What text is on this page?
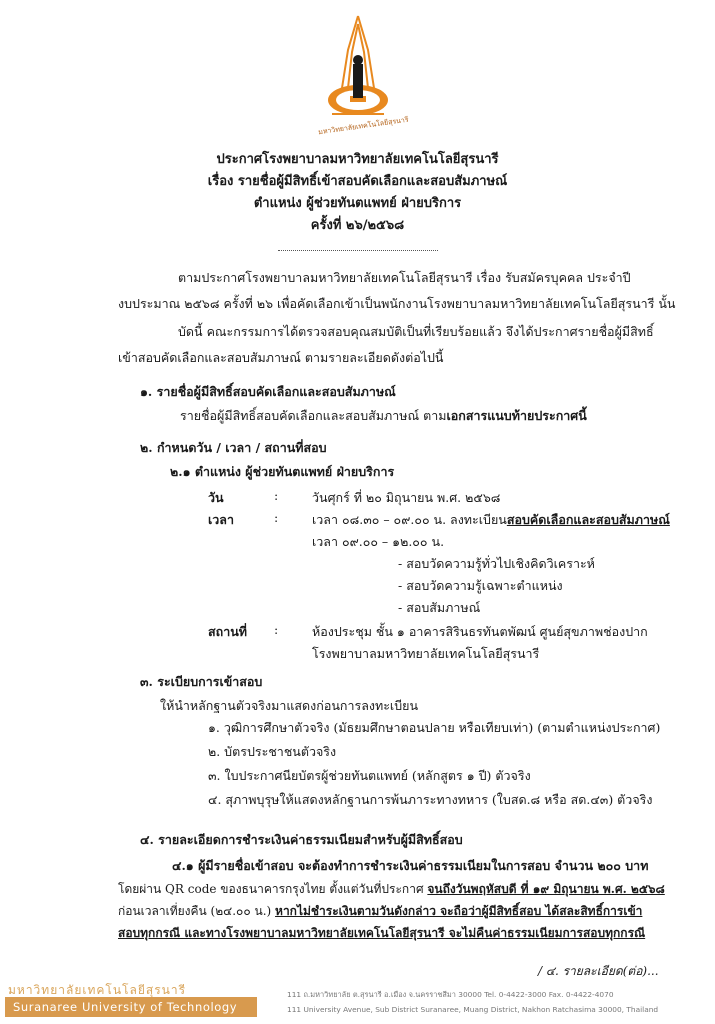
มหาวิทยาลัยเทคโนโลยีสุรนารี
ประกาศโรงพยาบาลมหาวิทยาลัยเทคโนโลยีสุรนารี
เรื่อง รายชื่อผู้มีสิทธิ์เข้าสอบคัดเลือกและสอบสัมภาษณ์
ตำแหน่ง ผู้ช่วยทันตแพทย์ ฝ่ายบริการ
ครั้งที่ ๒๖/๒๕๖๘
ตามประกาศโรงพยาบาลมหาวิทยาลัยเทคโนโลยีสุรนารี เรื่อง รับสมัครบุคคล ประจำปี
งบประมาณ ๒๕๖๘ ครั้งที่ ๒๖ เพื่อคัดเลือกเข้าเป็นพนักงานโรงพยาบาลมหาวิทยาลัยเทคโนโลยีสุรนารี นั้น
บัดนี้ คณะกรรมการได้ตรวจสอบคุณสมบัติเป็นที่เรียบร้อยแล้ว จึงได้ประกาศรายชื่อผู้มีสิทธิ์
เข้าสอบคัดเลือกและสอบสัมภาษณ์ ตามรายละเอียดดังต่อไปนี้
๑. รายชื่อผู้มีสิทธิ์สอบคัดเลือกและสอบสัมภาษณ์
รายชื่อผู้มีสิทธิ์สอบคัดเลือกและสอบสัมภาษณ์ ตามเอกสารแนบท้ายประกาศนี้
๒. กำหนดวัน / เวลา / สถานที่สอบ
๒.๑ ตำแหน่ง ผู้ช่วยทันตแพทย์ ฝ่ายบริการ
วัน	:	วันศุกร์ ที่ ๒๐ มิถุนายน พ.ศ. ๒๕๖๘
เวลา	:	เวลา ๐๘.๓๐ – ๐๙.๐๐ น. ลงทะเบียนสอบคัดเลือกและสอบสัมภาษณ์
เวลา ๐๙.๐๐ – ๑๒.๐๐ น.
- สอบวัดความรู้ทั่วไปเชิงคิดวิเคราะห์
- สอบวัดความรู้เฉพาะตำแหน่ง
- สอบสัมภาษณ์
สถานที่ :	ห้องประชุม ชั้น ๑ อาคารสิรินธรทันตพัฒน์ ศูนย์สุขภาพช่องปาก
โรงพยาบาลมหาวิทยาลัยเทคโนโลยีสุรนารี
๓. ระเบียบการเข้าสอบ
ให้นำหลักฐานตัวจริงมาแสดงก่อนการลงทะเบียน
๑. วุฒิการศึกษาตัวจริง (มัธยมศึกษาตอนปลาย หรือเทียบเท่า) (ตามตำแหน่งประกาศ)
๒. บัตรประชาชนตัวจริง
๓. ใบประกาศนียบัตรผู้ช่วยทันตแพทย์ (หลักสูตร ๑ ปี) ตัวจริง
๔. สุภาพบุรุษให้แสดงหลักฐานการพ้นภาระทางทหาร (ใบสด.๘ หรือ สด.๔๓) ตัวจริง
๔. รายละเอียดการชำระเงินค่าธรรมเนียมสำหรับผู้มีสิทธิ์สอบ
๔.๑ ผู้มีรายชื่อเข้าสอบ จะต้องทำการชำระเงินค่าธรรมเนียมในการสอบ จำนวน ๒๐๐ บาท
โดยผ่าน QR code ของธนาคารกรุงไทย ตั้งแต่วันที่ประกาศ จนถึงวันพฤหัสบดี ที่ ๑๙ มิถุนายน พ.ศ. ๒๕๖๘
ก่อนเวลาเที่ยงคืน (๒๔.๐๐ น.) หากไม่ชำระเงินตามวันดังกล่าว จะถือว่าผู้มีสิทธิ์สอบ ได้สละสิทธิ์การเข้า
สอบทุกกรณี และทางโรงพยาบาลมหาวิทยาลัยเทคโนโลยีสุรนารี จะไม่คืนค่าธรรมเนียมการสอบทุกกรณี
/ ๔. รายละเอียด(ต่อ)...
มหาวิทยาลัยเทคโนโลยีสุรนารี
Suranaree University of Technology
111 ถ.มหาวิทยาลัย ต.สุรนารี อ.เมือง จ.นครราชสีมา 30000 Tel. 0-4422-3000 Fax. 0-4422-4070
111 University Avenue, Sub District Suranaree, Muang District, Nakhon Ratchasima 30000, Thailand
